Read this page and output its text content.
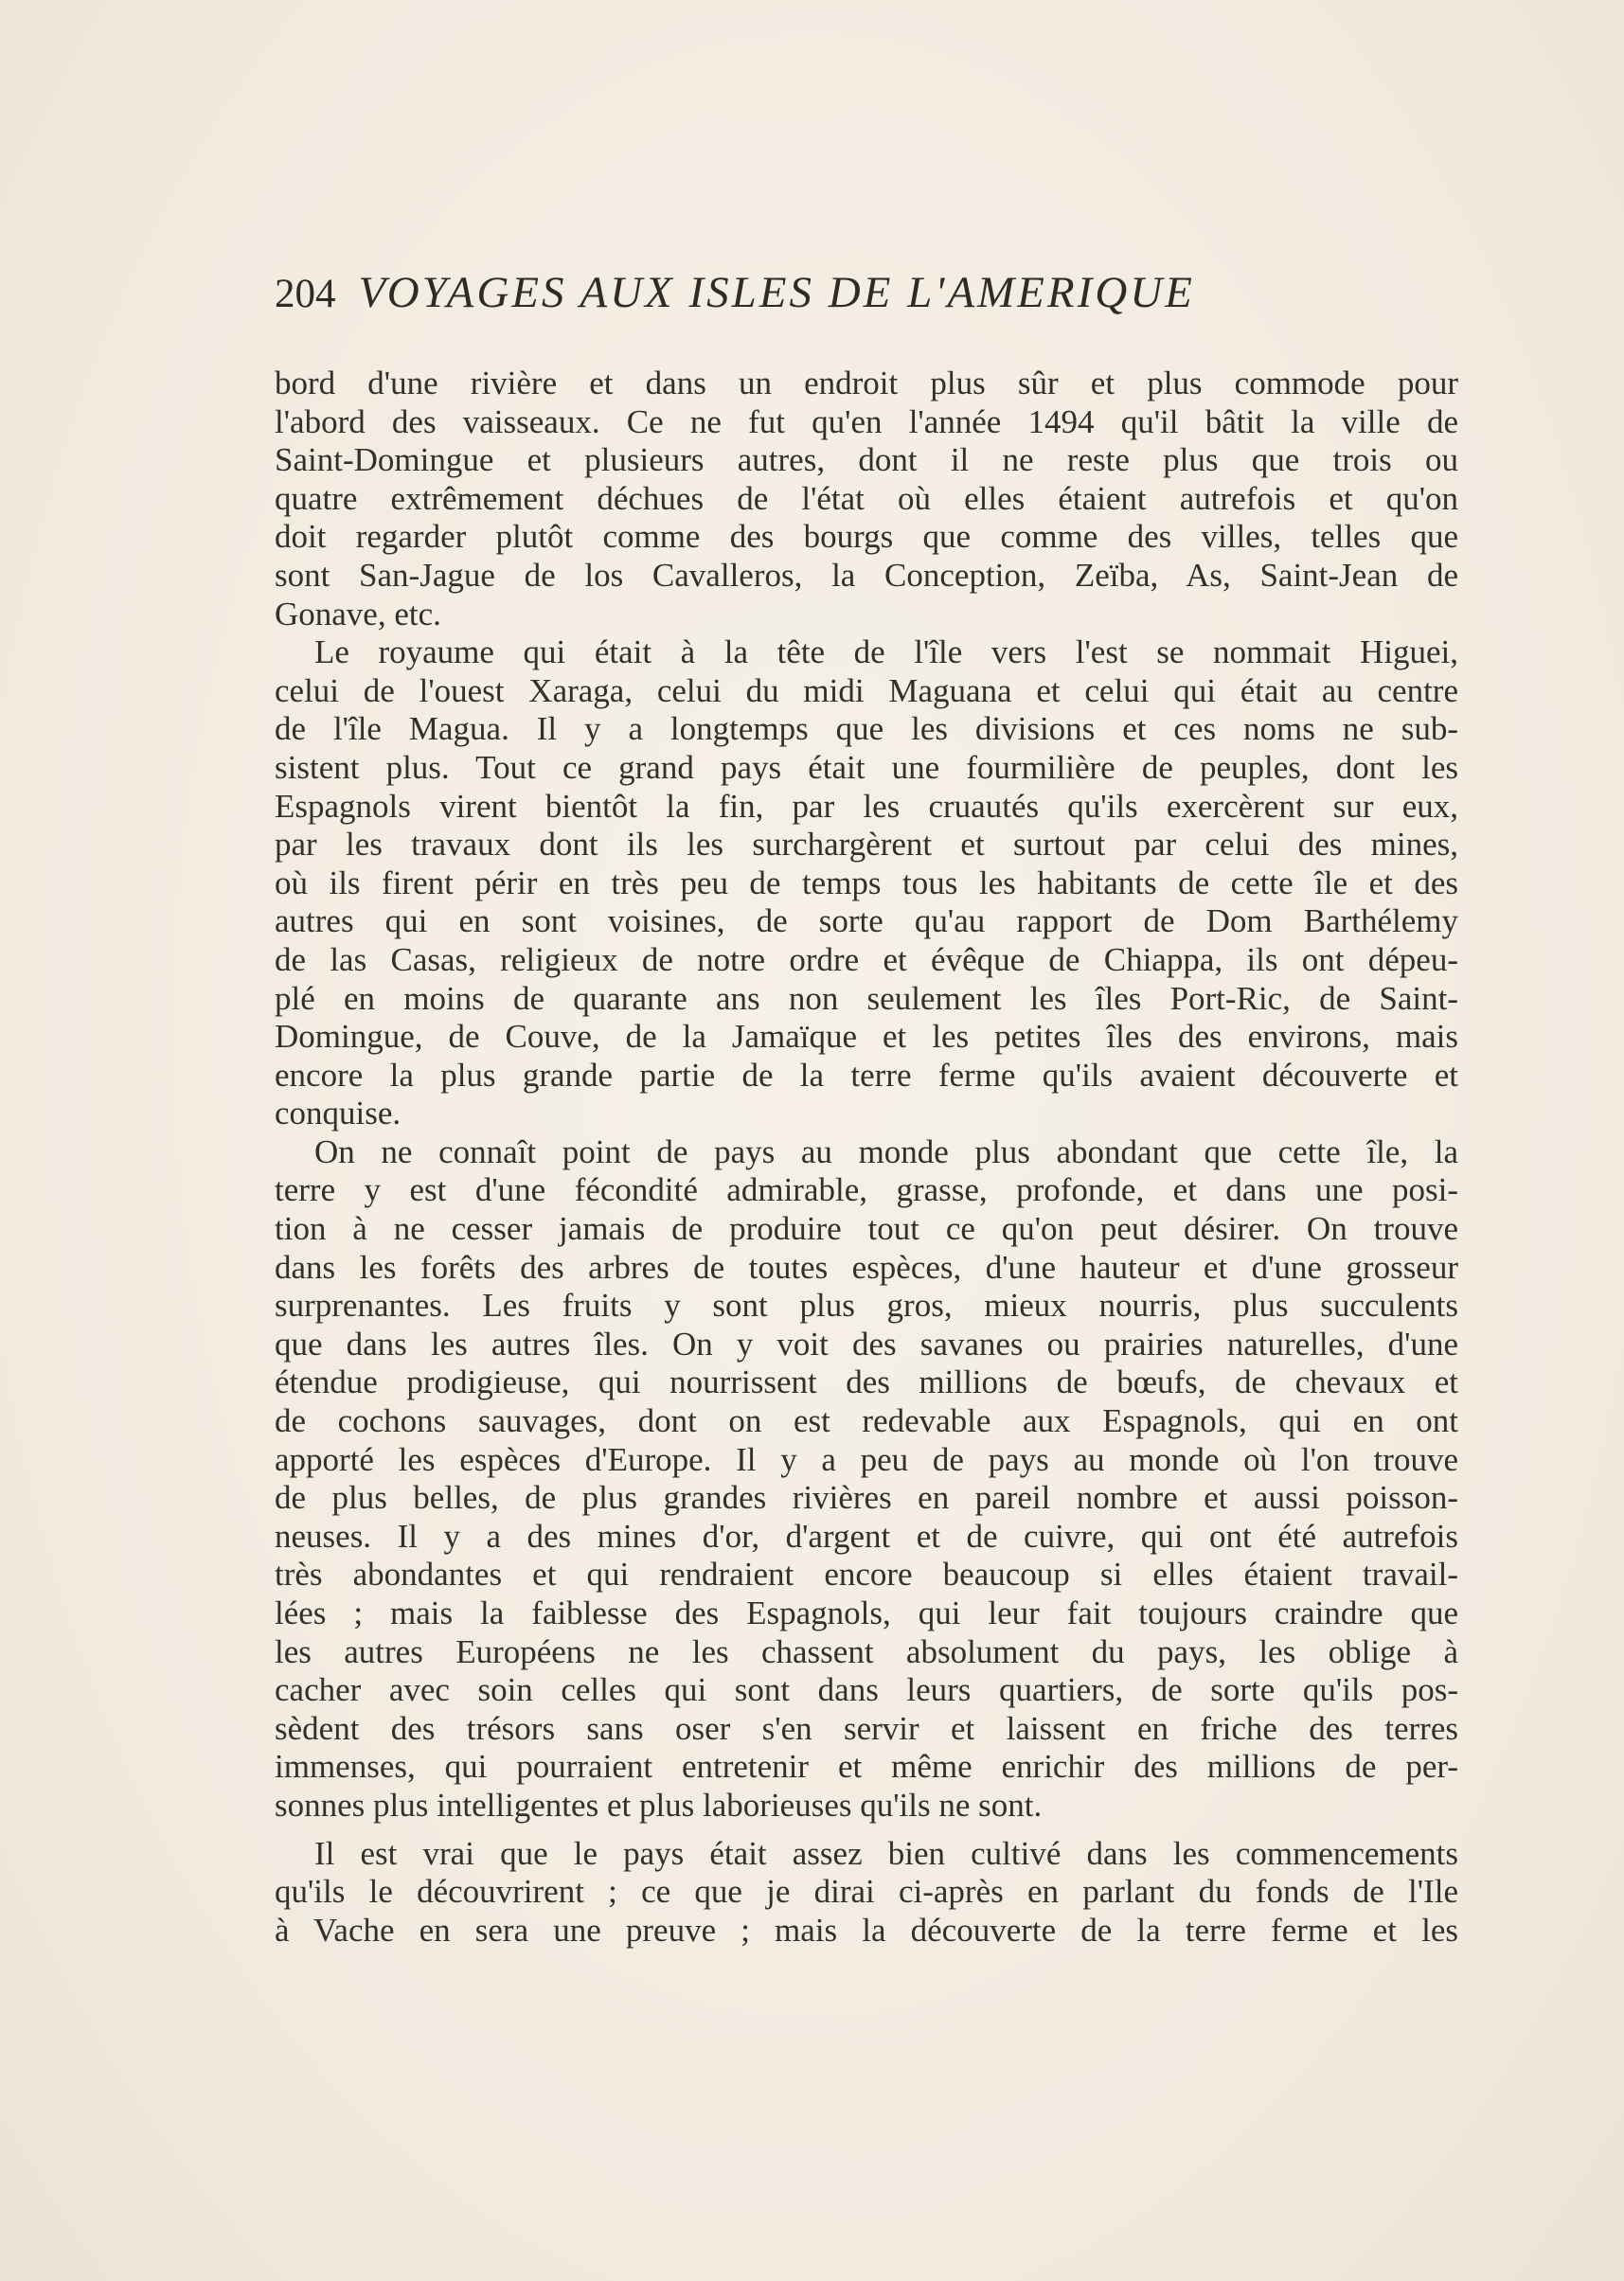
204 VOYAGES AUX ISLES DE L'AMERIQUE
bord d'une rivière et dans un endroit plus sûr et plus commode pour
l'abord des vaisseaux. Ce ne fut qu'en l'année 1494 qu'il bâtit la ville de
Saint-Domingue et plusieurs autres, dont il ne reste plus que trois ou
quatre extrêmement déchues de l'état où elles étaient autrefois et qu'on
doit regarder plutôt comme des bourgs que comme des villes, telles que
sont San-Jague de los Cavalleros, la Conception, Zeïba, As, Saint-Jean de
Gonave, etc.
Le royaume qui était à la tête de l'île vers l'est se nommait Higuei,
celui de l'ouest Xaraga, celui du midi Maguana et celui qui était au centre
de l'île Magua. Il y a longtemps que les divisions et ces noms ne sub-
sistent plus. Tout ce grand pays était une fourmilière de peuples, dont les
Espagnols virent bientôt la fin, par les cruautés qu'ils exercèrent sur eux,
par les travaux dont ils les surchargèrent et surtout par celui des mines,
où ils firent périr en très peu de temps tous les habitants de cette île et des
autres qui en sont voisines, de sorte qu'au rapport de Dom Barthélemy
de las Casas, religieux de notre ordre et évêque de Chiappa, ils ont dépeu-
plé en moins de quarante ans non seulement les îles Port-Ric, de Saint-
Domingue, de Couve, de la Jamaïque et les petites îles des environs, mais
encore la plus grande partie de la terre ferme qu'ils avaient découverte et
conquise.
On ne connaît point de pays au monde plus abondant que cette île, la
terre y est d'une fécondité admirable, grasse, profonde, et dans une posi-
tion à ne cesser jamais de produire tout ce qu'on peut désirer. On trouve
dans les forêts des arbres de toutes espèces, d'une hauteur et d'une grosseur
surprenantes. Les fruits y sont plus gros, mieux nourris, plus succulents
que dans les autres îles. On y voit des savanes ou prairies naturelles, d'une
étendue prodigieuse, qui nourrissent des millions de bœufs, de chevaux et
de cochons sauvages, dont on est redevable aux Espagnols, qui en ont
apporté les espèces d'Europe. Il y a peu de pays au monde où l'on trouve
de plus belles, de plus grandes rivières en pareil nombre et aussi poisson-
neuses. Il y a des mines d'or, d'argent et de cuivre, qui ont été autrefois
très abondantes et qui rendraient encore beaucoup si elles étaient travail-
lées ; mais la faiblesse des Espagnols, qui leur fait toujours craindre que
les autres Européens ne les chassent absolument du pays, les oblige à
cacher avec soin celles qui sont dans leurs quartiers, de sorte qu'ils pos-
sèdent des trésors sans oser s'en servir et laissent en friche des terres
immenses, qui pourraient entretenir et même enrichir des millions de per-
sonnes plus intelligentes et plus laborieuses qu'ils ne sont.
Il est vrai que le pays était assez bien cultivé dans les commencements
qu'ils le découvrirent ; ce que je dirai ci-après en parlant du fonds de l'Ile
à Vache en sera une preuve ; mais la découverte de la terre ferme et les
